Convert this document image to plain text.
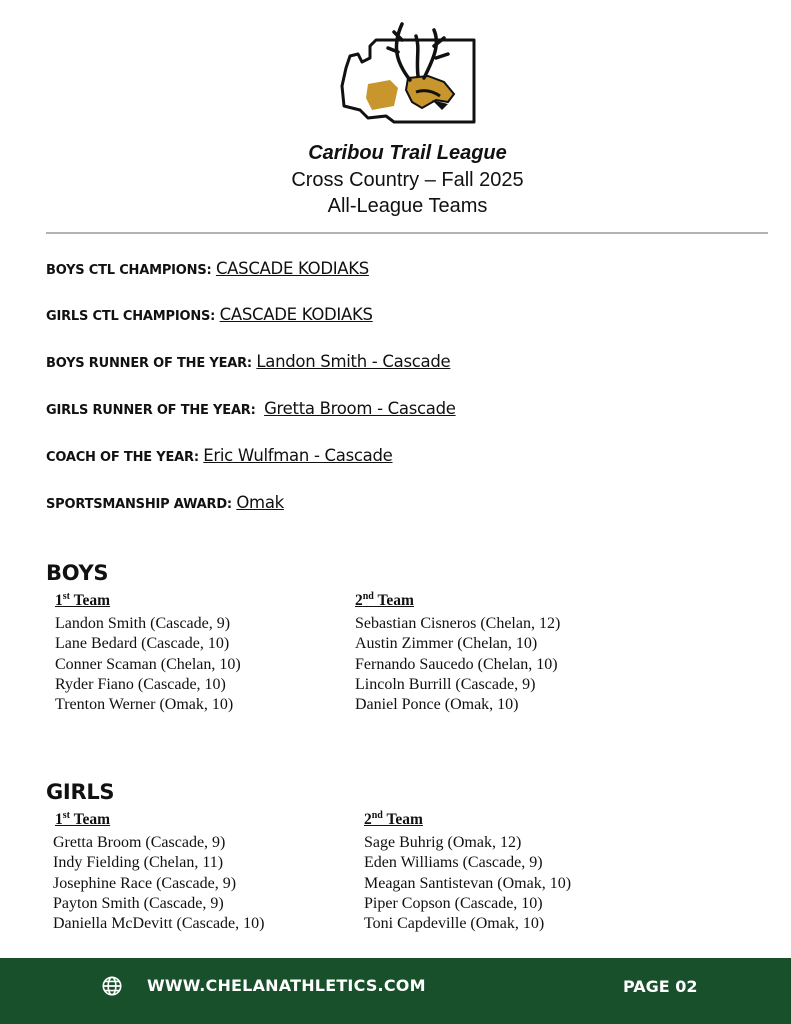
Caribou Trail League
Cross Country – Fall 2025
All-League Teams
BOYS CTL CHAMPIONS: CASCADE KODIAKS
GIRLS CTL CHAMPIONS: CASCADE KODIAKS
BOYS RUNNER OF THE YEAR: Landon Smith - Cascade
GIRLS RUNNER OF THE YEAR: Gretta Broom - Cascade
COACH OF THE YEAR: Eric Wulfman - Cascade
SPORTSMANSHIP AWARD: Omak
BOYS
1st Team
Landon Smith (Cascade, 9)
Lane Bedard (Cascade, 10)
Conner Scaman (Chelan, 10)
Ryder Fiano (Cascade, 10)
Trenton Werner (Omak, 10)
2nd Team
Sebastian Cisneros (Chelan, 12)
Austin Zimmer (Chelan, 10)
Fernando Saucedo (Chelan, 10)
Lincoln Burrill (Cascade, 9)
Daniel Ponce (Omak, 10)
GIRLS
1st Team
Gretta Broom (Cascade, 9)
Indy Fielding (Chelan, 11)
Josephine Race (Cascade, 9)
Payton Smith (Cascade, 9)
Daniella McDevitt (Cascade, 10)
2nd Team
Sage Buhrig (Omak, 12)
Eden Williams (Cascade, 9)
Meagan Santistevan (Omak, 10)
Piper Copson (Cascade, 10)
Toni Capdeville (Omak, 10)
WWW.CHELANATHLETICS.COM	PAGE 02
